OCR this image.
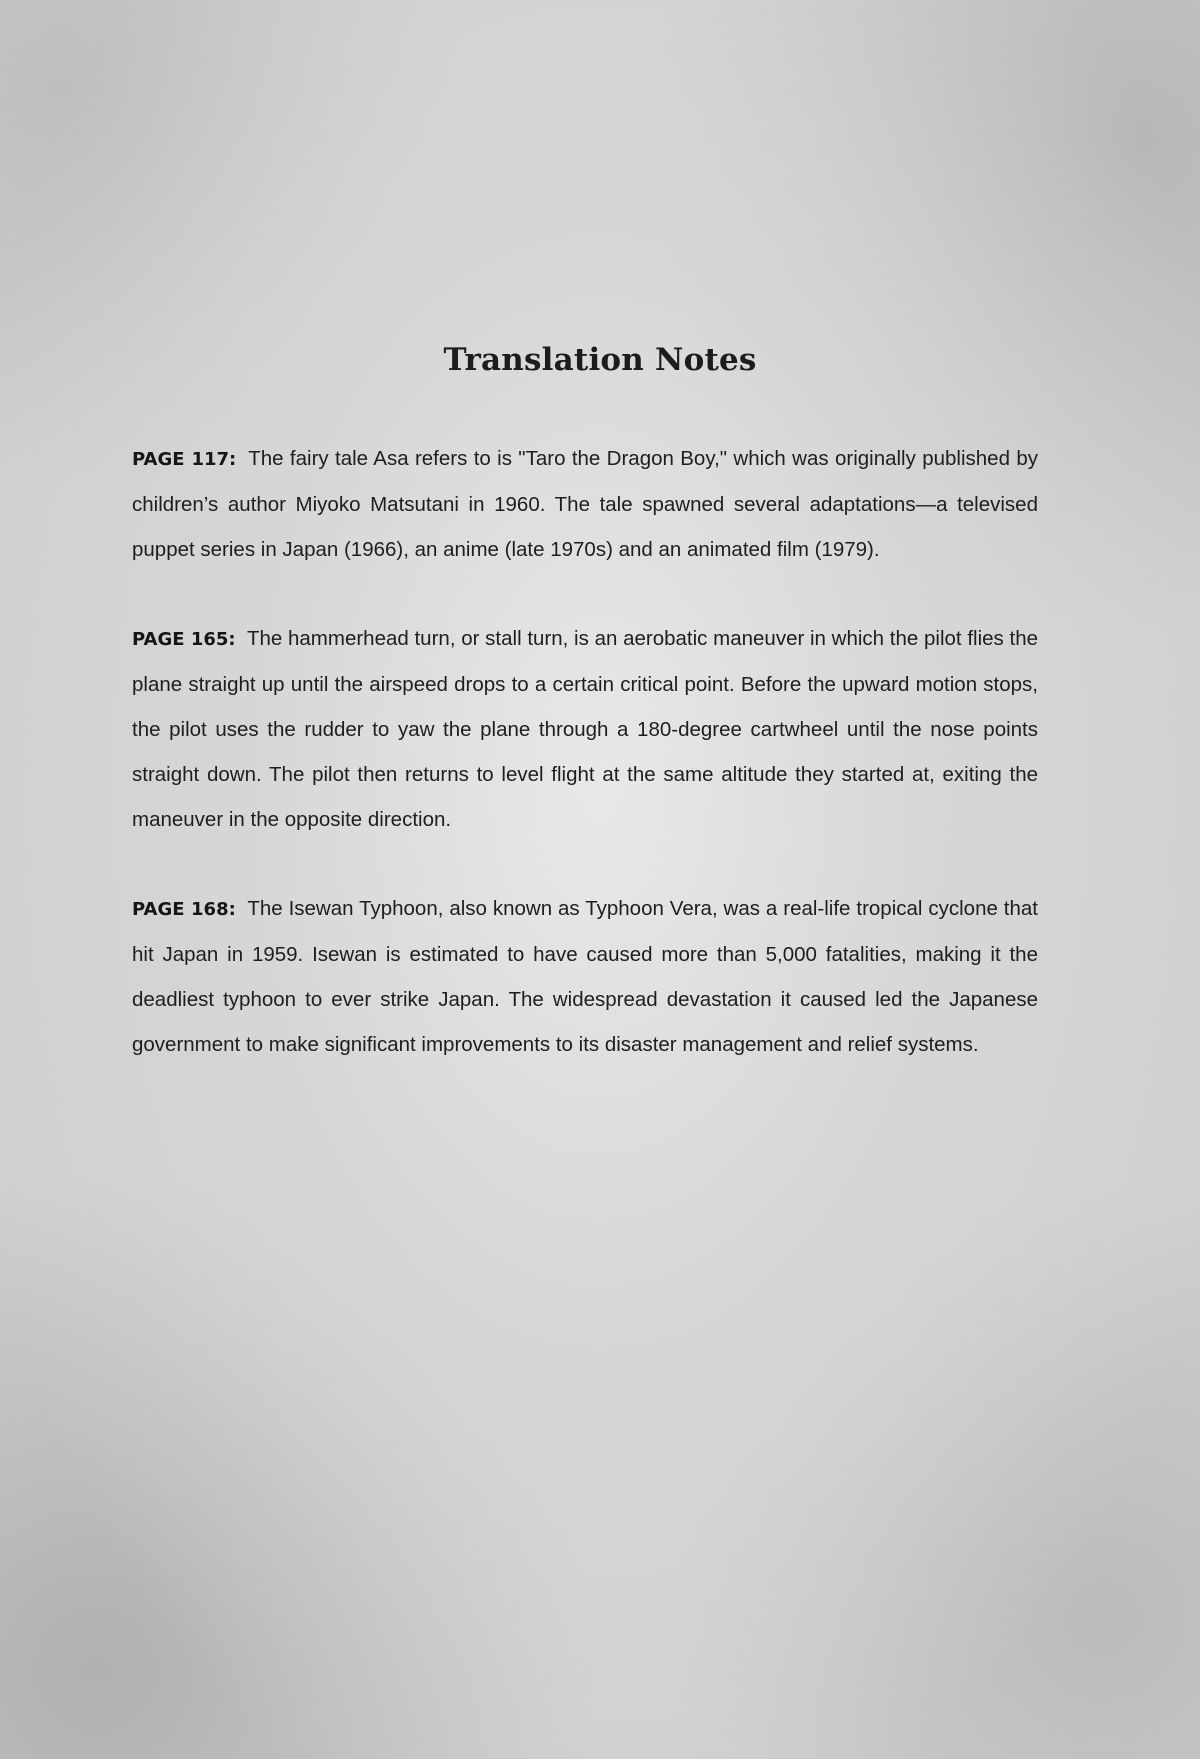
Translation Notes

PAGE 117: The fairy tale Asa refers to is "Taro the Dragon Boy," which was originally published by children’s author Miyoko Matsutani in 1960. The tale spawned several adaptations—a televised puppet series in Japan (1966), an anime (late 1970s) and an animated film (1979).

PAGE 165: The hammerhead turn, or stall turn, is an aerobatic maneuver in which the pilot flies the plane straight up until the airspeed drops to a certain critical point. Before the upward motion stops, the pilot uses the rudder to yaw the plane through a 180-degree cartwheel until the nose points straight down. The pilot then returns to level flight at the same altitude they started at, exiting the maneuver in the opposite direction.

PAGE 168: The Isewan Typhoon, also known as Typhoon Vera, was a real-life tropical cyclone that hit Japan in 1959. Isewan is estimated to have caused more than 5,000 fatalities, making it the deadliest typhoon to ever strike Japan. The widespread devastation it caused led the Japanese government to make significant improvements to its disaster management and relief systems.
